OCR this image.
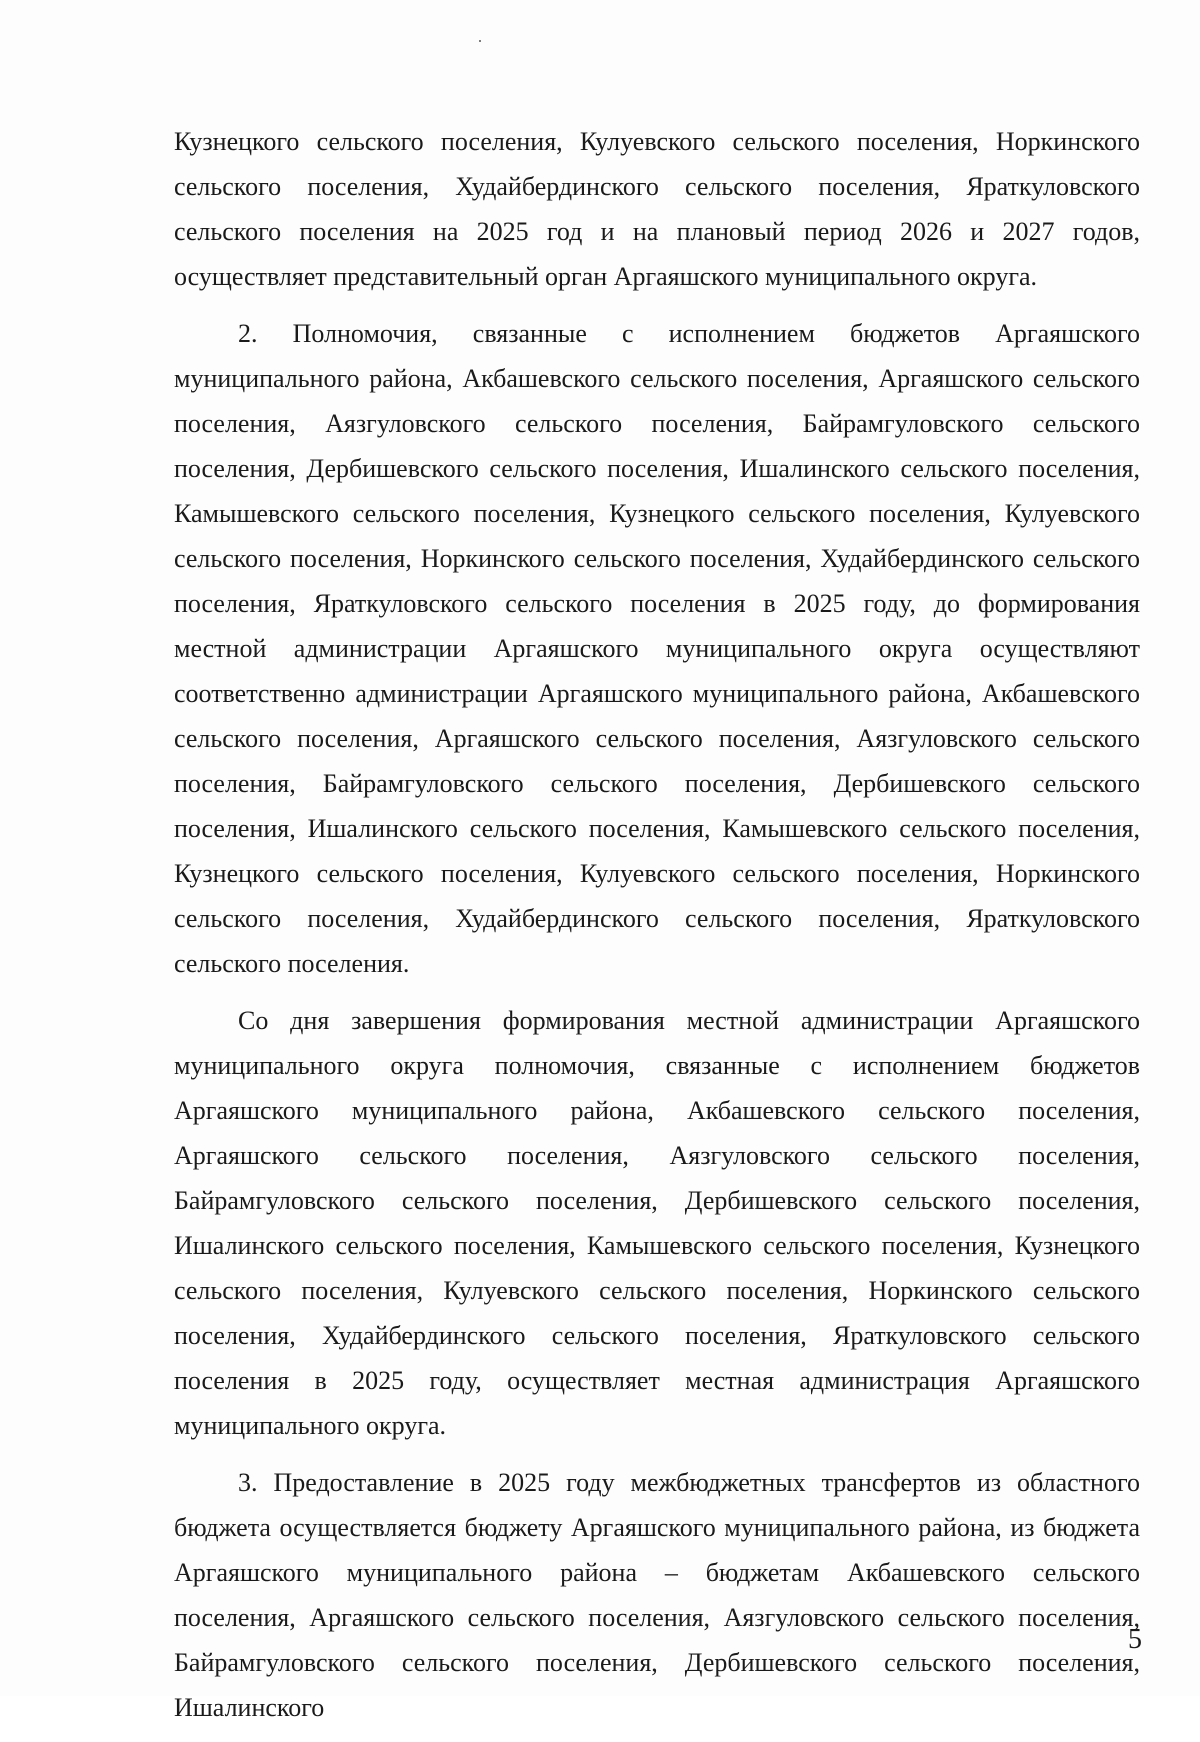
Кузнецкого сельского поселения, Кулуевского сельского поселения, Норкинского сельского поселения, Худайбердинского сельского поселения, Яраткуловского сельского поселения на 2025 год и на плановый период 2026 и 2027 годов, осуществляет представительный орган Аргаяшского муниципального округа.

2. Полномочия, связанные с исполнением бюджетов Аргаяшского муниципального района, Акбашевского сельского поселения, Аргаяшского сельского поселения, Аязгуловского сельского поселения, Байрамгуловского сельского поселения, Дербишевского сельского поселения, Ишалинского сельского поселения, Камышевского сельского поселения, Кузнецкого сельского поселения, Кулуевского сельского поселения, Норкинского сельского поселения, Худайбердинского сельского поселения, Яраткуловского сельского поселения в 2025 году, до формирования местной администрации Аргаяшского муниципального округа осуществляют соответственно администрации Аргаяшского муниципального района, Акбашевского сельского поселения, Аргаяшского сельского поселения, Аязгуловского сельского поселения, Байрамгуловского сельского поселения, Дербишевского сельского поселения, Ишалинского сельского поселения, Камышевского сельского поселения, Кузнецкого сельского поселения, Кулуевского сельского поселения, Норкинского сельского поселения, Худайбердинского сельского поселения, Яраткуловского сельского поселения.

Со дня завершения формирования местной администрации Аргаяшского муниципального округа полномочия, связанные с исполнением бюджетов Аргаяшского муниципального района, Акбашевского сельского поселения, Аргаяшского сельского поселения, Аязгуловского сельского поселения, Байрамгуловского сельского поселения, Дербишевского сельского поселения, Ишалинского сельского поселения, Камышевского сельского поселения, Кузнецкого сельского поселения, Кулуевского сельского поселения, Норкинского сельского поселения, Худайбердинского сельского поселения, Яраткуловского сельского поселения в 2025 году, осуществляет местная администрация Аргаяшского муниципального округа.

3. Предоставление в 2025 году межбюджетных трансфертов из областного бюджета осуществляется бюджету Аргаяшского муниципального района, из бюджета Аргаяшского муниципального района – бюджетам Акбашевского сельского поселения, Аргаяшского сельского поселения, Аязгуловского сельского поселения, Байрамгуловского сельского поселения, Дербишевского сельского поселения, Ишалинского

5
